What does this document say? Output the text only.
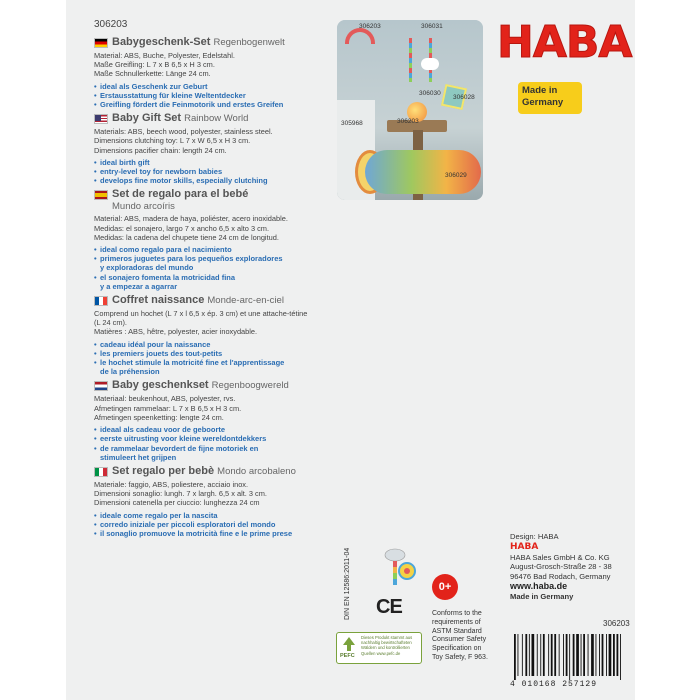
306203
Babygeschenk-Set Regenbogenwelt
Material: ABS, Buche, Polyester, Edelstahl.
Maße Greifling: L 7 x B 6,5 x H 3 cm.
Maße Schnullerkette: Länge 24 cm.
• ideal als Geschenk zur Geburt
• Erstausstattung für kleine Weltentdecker
• Greifling fördert die Feinmotorik und erstes Greifen
Baby Gift Set Rainbow World
Materials: ABS, beech wood, polyester, stainless steel.
Dimensions clutching toy: L 7 x W 6,5 x H 3 cm.
Dimensions pacifier chain: length 24 cm.
• ideal birth gift
• entry-level toy for newborn babies
• develops fine motor skills, especially clutching
Set de regalo para el bebé
Mundo arcoíris
Material: ABS, madera de haya, poliéster, acero inoxidable.
Medidas: el sonajero, largo 7 x ancho 6,5 x alto 3 cm.
Medidas: la cadena del chupete tiene 24 cm de longitud.
• ideal como regalo para el nacimiento
• primeros juguetes para los pequeños exploradores
y exploradoras del mundo
• el sonajero fomenta la motricidad fina
y a empezar a agarrar
Coffret naissance Monde-arc-en-ciel
Comprend un hochet (L 7 x l 6,5 x ép. 3 cm) et une attache-tétine
(L 24 cm).
Matières : ABS, hêtre, polyester, acier inoxydable.
• cadeau idéal pour la naissance
• les premiers jouets des tout-petits
• le hochet stimule la motricité fine et l'apprentissage
de la préhension
Baby geschenkset Regenboogwereld
Materiaal: beukenhout, ABS, polyester, rvs.
Afmetingen rammelaar: L 7 x B 6,5 x H 3 cm.
Afmetingen speenketting: lengte 24 cm.
• ideaal als cadeau voor de geboorte
• eerste uitrusting voor kleine wereldontdekkers
• de rammelaar bevordert de fijne motoriek en
stimuleert het grijpen
Set regalo per bebè Mondo arcobaleno
Materiale: faggio, ABS, poliestere, acciaio inox.
Dimensioni sonaglio: lungh. 7 x largh. 6,5 x alt. 3 cm.
Dimensioni catenella per ciuccio: lunghezza 24 cm
• ideale come regalo per la nascita
• corredo iniziale per piccoli esploratori del mondo
• il sonaglio promuove la motricità fine e le prime prese
306203	306031
306030
306028
305968	306203
306029
HABA
Made in
Germany
DIN EN 12586:2011-04 CE
0+
Conforms to the
requirements of
ASTM Standard
Consumer Safety
Specification on
Toy Safety, F 963.
PEFC
Dieses Produkt stammt aus nachhaltig bewirtschafteten Wäldern und kontrollierten Quellen www.pefc.de
Design: HABA
HABA
HABA Sales GmbH & Co. KG
August-Grosch-Straße 28 - 38
96476 Bad Rodach, Germany
www.haba.de
Made in Germany
306203
4 010168 257129
